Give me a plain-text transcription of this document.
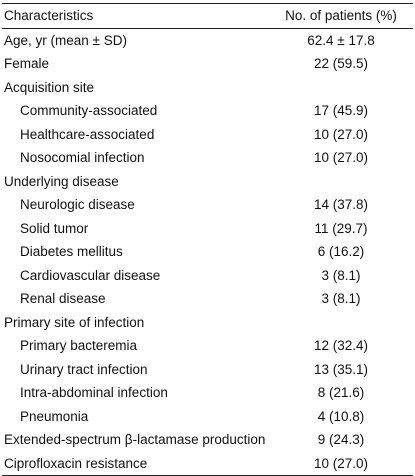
Characteristics	No. of patients (%)
Age, yr (mean ± SD)	62.4 ± 17.8
Female	22 (59.5)
Acquisition site	
Community-associated	17 (45.9)
Healthcare-associated	10 (27.0)
Nosocomial infection	10 (27.0)
Underlying disease	
Neurologic disease	14 (37.8)
Solid tumor	11 (29.7)
Diabetes mellitus	6 (16.2)
Cardiovascular disease	3 (8.1)
Renal disease	3 (8.1)
Primary site of infection	
Primary bacteremia	12 (32.4)
Urinary tract infection	13 (35.1)
Intra-abdominal infection	8 (21.6)
Pneumonia	4 (10.8)
Extended-spectrum β-lactamase production	9 (24.3)
Ciprofloxacin resistance	10 (27.0)
